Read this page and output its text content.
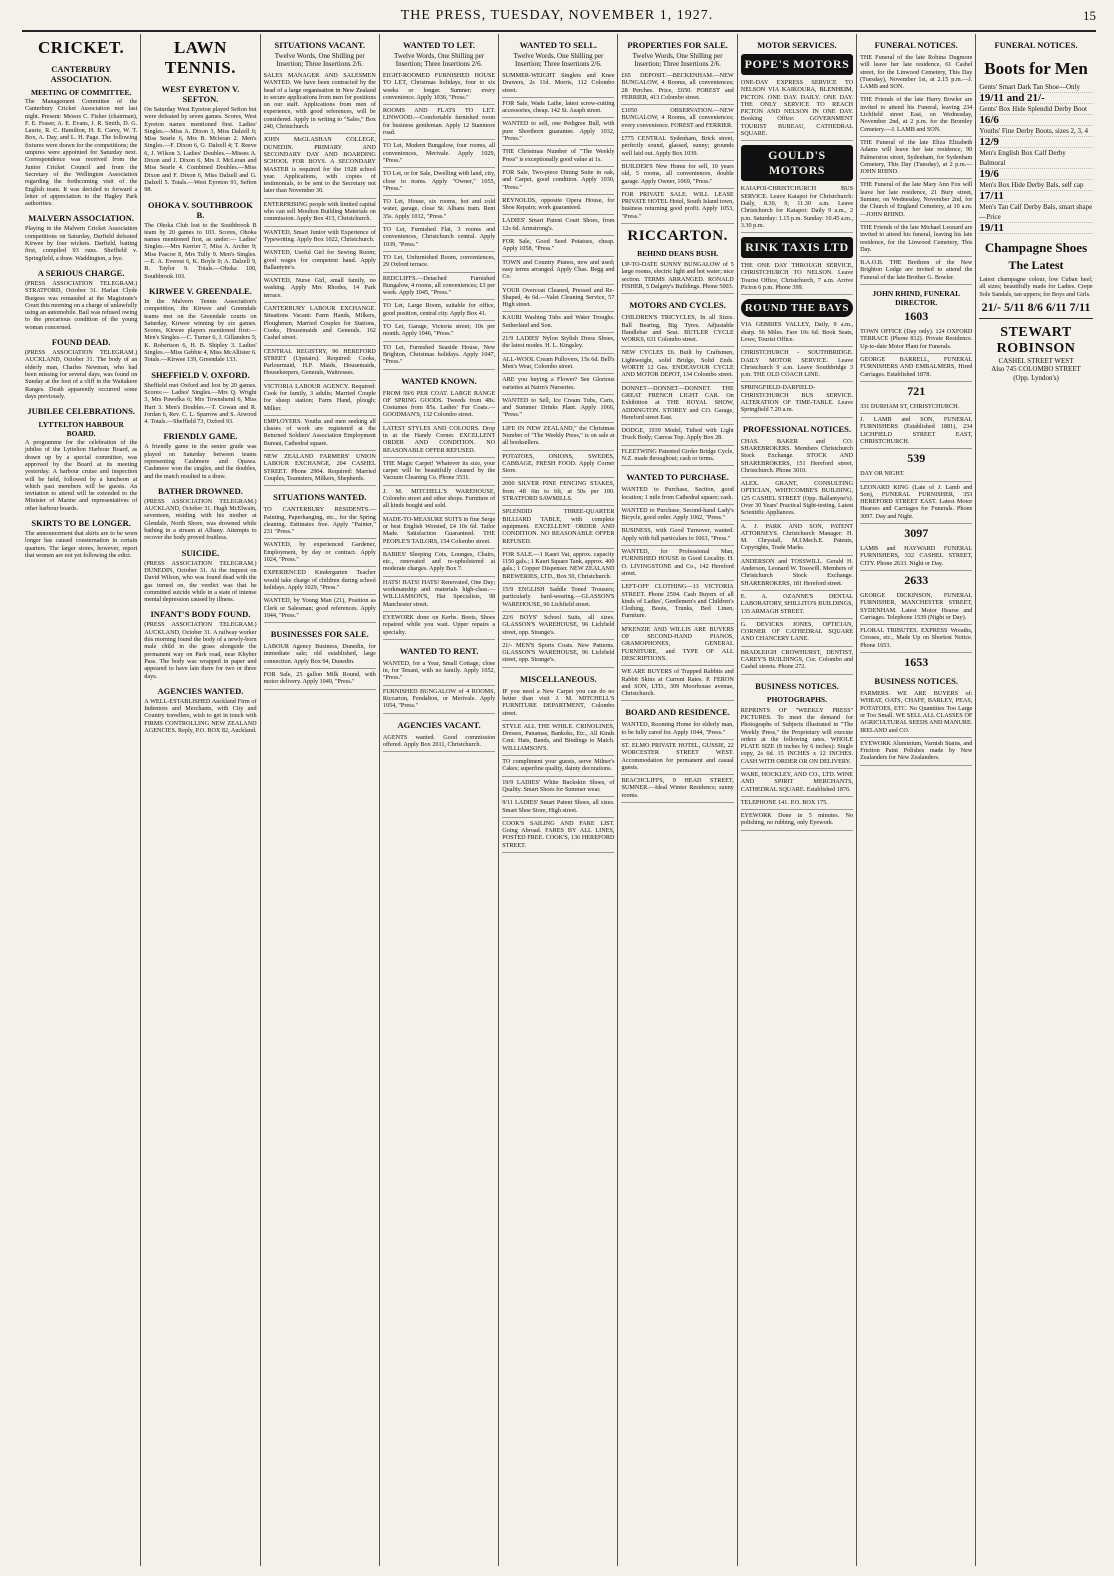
THE PRESS, TUESDAY, NOVEMBER 1, 1927.	15
CRICKET.
CANTERBURY ASSOCIATION.
MEETING OF COMMITTEE.

The Management Committee of the Canterbury Cricket Association met last night. Present: Messrs C. Fisher (chairman), F. E. Fraser, A. E. Evans, J. R. Smith, D. G. Laurie, R. C. Hamilton, H. E. Carey, W. T. Box, A. Day, and L. H. Page. The following fixtures were drawn for the competitions; the umpires were appointed for Saturday next. Correspondence was received from the Junior Cricket Council and from the Secretary of the Wellington Association regarding the forthcoming visit of the English team. It was decided to forward a letter of appreciation to the Hagley Park authorities.

MALVERN ASSOCIATION.

Playing in the Malvern Cricket Association competitions on Saturday, Darfield defeated Kirwee by four wickets. Darfield, batting first, compiled 93 runs. Sheffield v. Springfield, a draw. Waddington, a bye.

A SERIOUS CHARGE.

(PRESS ASSOCIATION TELEGRAM.) STRATFORD, October 31. Harlan Clyde Burgess was remanded at the Magistrate's Court this morning on a charge of unlawfully using an automobile. Bail was refused owing to the precarious condition of the young woman concerned.

FOUND DEAD.

(PRESS ASSOCIATION TELEGRAM.) AUCKLAND, October 31. The body of an elderly man, Charles Newman, who had been missing for several days, was found on Sunday at the foot of a cliff in the Waitakere Ranges. Death apparently occurred some days previously.

JUBILEE CELEBRATIONS.
LYTTELTON HARBOUR BOARD.

A programme for the celebration of the jubilee of the Lyttelton Harbour Board, as drawn up by a special committee, was approved by the Board at its meeting yesterday. A harbour cruise and inspection will be held, followed by a luncheon at which past members will be guests. An invitation to attend will be extended to the Minister of Marine and representatives of other harbour boards.

SKIRTS TO BE LONGER.

The announcement that skirts are to be worn longer has caused consternation in certain quarters. The larger stores, however, report that women are not yet following the edict.

LAWN TENNIS.
WEST EYRETON V. SEFTON.

On Saturday West Eyreton played Sefton but were defeated by seven games. Scores, West Eyreton names mentioned first. Ladies' Singles.—Miss A. Dixon 3, Miss Dalzell 6; Miss Searle 6, Mrs B. Mcleran 2. Men's Singles.—F. Dixon 6, G. Dalzell 4; T. Reeve 6, J. Wilson 3. Ladies' Doubles.—Misses A. Dixon and J. Dixon 6, Mrs J. McLeran and Miss Searle 4. Combined Doubles.—Miss Dixon and F. Dixon 6, Miss Dalzell and G. Dalzell 5. Totals.—West Eyreton 91, Sefton 98.

OHOKA V. SOUTHBROOK B.

The Ohoka Club lost to the Southbrook B team by 20 games to 103. Scores, Ohoka names mentioned first, as under:— Ladies' Singles.—Mrs Kerrier 7, Miss A. Archer 9; Miss Pascoe 8, Mrs Tully 9. Men's Singles.—E. A. Everest 6, K. Boyle 9; A. Dalzell 9, B. Taylor 9. Totals.—Ohoka 100, Southbrook 103.

KIRWEE V. GREENDALE.

In the Malvern Tennis Association's competition, the Kirwee and Greendale teams met on the Greendale courts on Saturday, Kirwee winning by six games. Scores, Kirwee players mentioned first:— Men's Singles.—C. Turner 6, J. Gillanders 5; K. Robertson 6, H. B. Shipley 3. Ladies' Singles.—Miss Gebbie 4, Miss McAllister 6. Totals.—Kirwee 139, Greendale 133.

SHEFFIELD V. OXFORD.

Sheffield met Oxford and lost by 20 games. Scores:— Ladies' Singles.—Mrs Q. Wright 3, Mrs Pawelka 6; Mrs Townshend 6, Miss Hart 3. Men's Doubles.—T. Cowan and R. Jordan 6, Rev. C. L. Sparrow and S. Atwood 4. Totals.—Sheffield 73, Oxford 93.

FRIENDLY GAME.

A friendly game in the senior grade was played on Saturday between teams representing Cashmere and Opawa. Cashmere won the singles, and the doubles, and the match resulted in a draw.

BATHER DROWNED.

(PRESS ASSOCIATION TELEGRAM.) AUCKLAND, October 31. Hugh McElwain, seventeen, residing with his mother at Glendale, North Shore, was drowned while bathing in a stream at Albany. Attempts to recover the body proved fruitless.

SUICIDE.

(PRESS ASSOCIATION TELEGRAM.) DUNEDIN, October 31. At the inquest on David Wilson, who was found dead with the gas turned on, the verdict was that he committed suicide while in a state of intense mental depression caused by illness.

INFANT'S BODY FOUND.

(PRESS ASSOCIATION TELEGRAM.) AUCKLAND, October 31. A railway worker this morning found the body of a newly-born male child in the grass alongside the permanent way on Park road, near Khyber Pass. The body was wrapped in paper and appeared to have lain there for two or three days.

AGENCIES WANTED.

A WELL-ESTABLISHED Auckland Firm of Indentors and Merchants, with City and Country travellers, wish to get in touch with FIRMS CONTROLLING NEW ZEALAND AGENCIES. Reply, P.O. BOX 82, Auckland.

SITUATIONS VACANT.
Twelve Words, One Shilling per Insertion; Three Insertions 2/6.

SALES MANAGER AND SALESMEN WANTED. We have been contracted by the head of a large organisation in New Zealand to secure applications from men for positions on our staff. Applications from men of experience, with good references, will be considered. Apply in writing to "Sales," Box 240, Christchurch.

JOHN McGLASHAN COLLEGE, DUNEDIN. PRIMARY AND SECONDARY DAY AND BOARDING SCHOOL FOR BOYS. A SECONDARY MASTER is required for the 1928 school year. Applications, with copies of testimonials, to be sent to the Secretary not later than November 30.

ENTERPRISING people with limited capital who can sell Moulton Building Materials on commission. Apply Box 413, Christchurch.

WANTED, Smart Junior with Experience of Typewriting. Apply Box 1022, Christchurch.

WANTED, Useful Girl for Sewing Room; good wages for competent hand. Apply Ballantyne's.

WANTED, Nurse Girl, small family, no washing. Apply Mrs Rhodes, 14 Park terrace.

CANTERBURY LABOUR EXCHANGE. Situations Vacant: Farm Hands, Milkers, Ploughmen, Married Couples for Stations, Cooks, Housemaids and Generals. 162 Cashel street.

CENTRAL REGISTRY, 96 HEREFORD STREET (Upstairs). Required: Cooks, Parlourmaid, H.P. Maids, Housemaids, Housekeepers, Generals, Waitresses.

VICTORIA LABOUR AGENCY. Required: Cook for family, 3 adults; Married Couple for sheep station; Farm Hand, plough; Milker.

EMPLOYERS. Youths and men seeking all classes of work are registered at the Returned Soldiers' Association Employment Bureau, Cathedral square.

NEW ZEALAND FARMERS' UNION LABOUR EXCHANGE, 204 CASHEL STREET. Phone 2904. Required: Married Couples, Teamsters, Milkers, Shepherds.

SITUATIONS WANTED.

TO CANTERBURY RESIDENTS.—Painting, Paperhanging, etc., for the Spring cleaning. Estimates free. Apply "Painter," 231 "Press."

WANTED, by experienced Gardener, Employment, by day or contract. Apply 1024, "Press."

EXPERIENCED Kindergarten Teacher would take charge of children during school holidays. Apply 1029, "Press."

WANTED, by Young Man (21), Position as Clerk or Salesman; good references. Apply 1044, "Press."

BUSINESSES FOR SALE.

LABOUR Agency Business, Dunedin, for immediate sale; old established, large connection. Apply Box 94, Dunedin.

FOR Sale, 25 gallon Milk Round, with motor delivery. Apply 1049, "Press."

WANTED TO LET.
Twelve Words, One Shilling per Insertion; Three Insertions 2/6.

EIGHT-ROOMED FURNISHED HOUSE TO LET, Christmas holidays, four to six weeks or longer. Sumner; every convenience. Apply 1036, "Press."

ROOMS AND FLATS TO LET. LINWOOD.—Comfortable furnished room for business gentleman. Apply 12 Stanmore road.

TO Let, Modern Bungalow, four rooms, all conveniences, Merivale. Apply 1029, "Press."

TO Let, or for Sale, Dwelling with land, city, close to trams. Apply "Owner," 1055, "Press."

TO Let, House, six rooms, hot and cold water, garage, close St. Albans tram. Rent 35s. Apply 1012, "Press."

TO Let, Furnished Flat, 3 rooms and conveniences, Christchurch central. Apply 1039, "Press."

TO Let, Unfurnished Room, conveniences, 29 Oxford terrace.

REDCLIFFS.—Detached Furnished Bungalow, 4 rooms, all conveniences; £3 per week. Apply 1045, "Press."

TO Let, Large Room, suitable for office, good position, central city. Apply Box 41.

TO Let, Garage, Victoria street; 10s per month. Apply 1046, "Press."

TO Let, Furnished Seaside House, New Brighton, Christmas holidays. Apply 1047, "Press."

WANTED KNOWN.

FROM 59/6 PER COAT. LARGE RANGE OF SPRING GOODS. Tweeds from 48s. Costumes from 85s. Ladies' Fur Coats.—GOODMAN'S, 132 Colombo street.

LATEST STYLES AND COLOURS. Drop in at the Handy Corner. EXCELLENT ORDER AND CONDITION. NO REASONABLE OFFER REFUSED.

THE Magic Carpet! Whatever its size, your carpet will be beautifully cleaned by the Vacuum Cleaning Co. Phone 3531.

J. M. MITCHELL'S WAREHOUSE, Colombo street and other shops. Furniture of all kinds bought and sold.

MADE-TO-MEASURE SUITS in fine Serge or best English Worsted, £4 10s 6d. Tailor Made. Satisfaction Guaranteed. THE PEOPLE'S TAILORS, 154 Colombo street.

BABIES' Sleeping Cots, Lounges, Chairs, etc., renovated and re-upholstered at moderate charges. Apply Box 7.

HATS! HATS! HATS! Renovated, One Day; workmanship and materials high-class.—WILLIAMSON'S, Hat Specialists, 98 Manchester street.

EYEWORK done on Kerbs. Boots, Shoes repaired while you wait. Upper repairs a specialty.

WANTED TO RENT.

WANTED, for a Year, Small Cottage, close in, for Tenant, with no family. Apply 1052, "Press."

FURNISHED BUNGALOW of 4 ROOMS, Riccarton, Fendalton, or Merivale. Apply 1054, "Press."

AGENCIES VACANT.

AGENTS wanted. Good commission offered. Apply Box 2011, Christchurch.

WANTED TO SELL.
Twelve Words, One Shilling per Insertion; Three Insertions 2/6.

SUMMER-WEIGHT Singlets and Knee Drawers, 2s 11d. Morris, 112 Colombo street.

FOR Sale, Wade Lathe, latest screw-cutting accessories, cheap. 142 St. Asaph street.

WANTED to sell, one Pedigree Bull, with pure Shorthorn guarantee. Apply 1032, "Press."

THE Christmas Number of "The Weekly Press" is exceptionally good value at 1s.

FOR Sale, Two-piece Dining Suite in oak, and Carpet, good condition. Apply 1030, "Press."

REYNOLDS, opposite Opera House, for Shoe Repairs; work guaranteed.

LADIES' Smart Patent Court Shoes, from 12s 6d. Armstrong's.

FOR Sale, Good Seed Potatoes, cheap. Apply 1058, "Press."

TOWN and Country Pianos, new and used; easy terms arranged. Apply Chas. Begg and Co.

YOUR Overcoat Cleaned, Pressed and Re-Shaped, 4s 6d.—Valet Cleaning Service, 57 High street.

KAURI Washing Tubs and Water Troughs. Sutherland and Son.

21/9 LADIES' Nylon Stylish Dress Shoes, the latest modes. H. L. Kingsley.

ALL-WOOL Cream Pullovers, 15s 6d. Bell's Men's Wear, Colombo street.

ARE you buying a Flower? See Glorious varieties at Nairn's Nurseries.

WANTED to Sell, Ice Cream Tubs, Carts, and Summer Drinks Plant. Apply 1066, "Press."

LIFE IN NEW ZEALAND," the Christmas Number of "The Weekly Press," is on sale at all booksellers.

POTATOES, ONIONS, SWEDES, CABBAGE, FRESH FOOD. Apply Corner Store.

2000 SILVER PINE FENCING STAKES, from 4ft 6in to 6ft, at 50s per 100. STRATFORD SAWMILLS.

SPLENDID THREE-QUARTER BILLIARD TABLE, with complete equipment. EXCELLENT ORDER AND CONDITION. NO REASONABLE OFFER REFUSED.

FOR SALE.—1 Kauri Vat, approx. capacity 1150 gals.; 1 Kauri Square Tank, approx. 400 gals.; 1 Copper Dispenser. NEW ZEALAND BREWERIES, LTD., Box 50, Christchurch.

15/9 ENGLISH Saddle Toned Trousers; particularly hard-wearing.—GLASSON'S WAREHOUSE, 96 Lichfield street.

22/6 BOYS' School Suits, all sizes. GLASSON'S WAREHOUSE, 96 Lichfield street, opp. Strange's.

21/- MEN'S Sports Coats. New Patterns. GLASSON'S WAREHOUSE, 96 Lichfield street, opp. Strange's.

MISCELLANEOUS.

IF you need a New Carpet you can do no better than visit J. M. MITCHELL'S FURNITURE DEPARTMENT, Colombo street.

STYLE ALL THE WHILE. CRINOLINES, Dresses, Panamas, Bankoks, Etc., All Kinds Cent. Hats, Bands, and Bindings to Match. WILLIAMSON'S.

TO compliment your guests, serve Milner's Cakes; superfine quality, dainty decorations.

19/9 LADIES' White Buckskin Shoes, of Quality. Smart Shoes for Summer wear.

9/11 LADIES' Smart Patent Shoes, all sizes. Smart Shoe Store, High street.

COOK'S SAILING AND FARE LIST. Going Abroad. FARES BY ALL LINES, POSTED FREE. COOK'S, 136 HEREFORD STREET.

PROPERTIES FOR SALE.
Twelve Words, One Shilling per Insertion; Three Insertions 2/6.

£65 DEPOSIT.—BECKENHAM.—NEW BUNGALOW, 4 Rooms, all conveniences; 28 Perches. Price, £650. FOREST and FERRIER, 413 Colombo street.

£1050 OBSERVATION.—NEW BUNGALOW, 4 Rooms, all conveniences; every convenience. FOREST and FERRIER.

£775 CENTRAL Sydenham, Brick street, perfectly sound, glassed, sunny; grounds well laid out. Apply Box 1039.

BUILDER'S New Home for sell, 10 years old, 5 rooms, all conveniences, double garage. Apply Owner, 1069, "Press."

FOR PRIVATE SALE. WILL LEASE PRIVATE HOTEL Hotel, South Island town, business returning good profit. Apply 1053, "Press."

RICCARTON.
BEHIND DEANS BUSH.

UP-TO-DATE SUNNY BUNGALOW of 5 large rooms, electric light and hot water; nice section. TERMS ARRANGED. RONALD FISHER, 5 Dalgety's Buildings. Phone 5003.

MOTORS AND CYCLES.

CHILDREN'S TRICYCLES, In all Sizes. Ball Bearing, Big Tyres. Adjustable Handlebar and Seat. BUTLER CYCLE WORKS, 631 Colombo street.

NEW CYCLES £6. Built by Craftsmen, Lightweight, solid Bridge, Solid Ends. WORTH 12 Gns. ENDEAVOUR CYCLE AND MOTOR DEPOT, 134 Colombo street.

DONNET—DONNET—DONNET. THE GREAT FRENCH LIGHT CAR. On Exhibition at THE ROYAL SHOW, ADDINGTON. STOREY and CO. Garage, Hereford street East.

DODGE, 1939 Model, Tidied with Light Truck Body; Canvas Top. Apply Box 28.

FLEETWING Patented Girder Bridge Cycle, N.Z. made throughout; cash or terms.

WANTED TO PURCHASE.

WANTED to Purchase, Section, good location; 1 mile from Cathedral square; cash.

WANTED to Purchase, Second-hand Lady's Bicycle, good order. Apply 1062, "Press."

BUSINESS, with Good Turnover, wanted. Apply with full particulars to 1063, "Press."

WANTED, for Professional Man, FURNISHED HOUSE in Good Locality. H. O. LIVINGSTONE and Co., 142 Hereford street.

LEFT-OFF CLOTHING—13 VICTORIA STREET. Phone 2594. Cash Buyers of all kinds of Ladies', Gentlemen's and Children's Clothing, Boots, Trunks, Bed Linen, Furniture.

M'KENZIE AND WILLIS ARE BUYERS OF SECOND-HAND PIANOS, GRAMOPHONES, GENERAL FURNITURE, and TYPE OF ALL DESCRIPTIONS.

WE ARE BUYERS of Trapped Rabbits and Rabbit Skins at Current Rates. P. FERON and SON, LTD., 309 Moorhouse avenue, Christchurch.

BOARD AND RESIDENCE.

WANTED, Rooming Home for elderly man, to be fully cared for. Apply 1044, "Press."

ST. ELMO PRIVATE HOTEL, GUSSIE, 22 WORCESTER STREET WEST. Accommodation for permanent and casual guests.

BEACHCLIFFS, 9 HEAD STREET, SUMNER.—Ideal Winter Residence; sunny rooms.

MOTOR SERVICES.
POPE'S MOTORS

ONE-DAY EXPRESS SERVICE TO NELSON VIA KAIKOURA, BLENHEIM, PICTON. ONE DAY. DAILY. ONE DAY. THE ONLY SERVICE TO REACH PICTON AND NELSON IN ONE DAY. Booking Office: GOVERNMENT TOURIST BUREAU, CATHEDRAL SQUARE.

GOULD'S MOTORS

KAIAPOI-CHRISTCHURCH BUS SERVICE. Leave Kaiapoi for Christchurch: Daily, 8.30, 9, 11.30 a.m. Leave Christchurch for Kaiapoi: Daily 9 a.m., 2 p.m. Saturday: 1.15 p.m. Sunday: 10.45 a.m., 3.30 p.m.

RINK TAXIS LTD

THE ONE DAY THROUGH SERVICE, CHRISTCHURCH TO NELSON. Leave Tourist Office, Christchurch, 7 a.m. Arrive Picton 6 p.m. Phone 399.

ROUND THE BAYS

VIA GEBBIES VALLEY, Daily, 9 a.m., sharp. 56 Miles. Fare 10s 6d. Book Seats, Lowe, Tourist Office.

CHRISTCHURCH - SOUTHBRIDGE. DAILY MOTOR SERVICE. Leave Christchurch 9 a.m. Leave Southbridge 3 p.m. THE OLD COACH LINE.

SPRINGFIELD-DARFIELD-CHRISTCHURCH BUS SERVICE. ALTERATION OF TIME-TABLE. Leave Springfield 7.20 a.m.

PROFESSIONAL NOTICES.

CHAS. BAKER and CO. SHAREBROKERS. Members Christchurch Stock Exchange. STOCK AND SHAREBROKERS, 151 Hereford street, Christchurch. Phone 3010.

ALEX. GRANT, CONSULTING OPTICIAN, WHITCOMBE'S BUILDING, 125 CASHEL STREET (Opp. Ballantyne's). Over 30 Years' Practical Sight-testing. Latest Scientific Appliances.

A. J. PARK AND SON, PATENT ATTORNEYS. Christchurch Manager: H. M. Chrystall, M.I.Mech.E. Patents, Copyrights, Trade Marks.

ANDERSON and TOSSWILL. Gerald H. Anderson, Leonard W. Tosswill. Members of Christchurch Stock Exchange. SHAREBROKERS, 181 Hereford street.

E. A. OZANNE'S DENTAL LABORATORY, SHILLITO'S BUILDINGS, 135 ARMAGH STREET.

G. DEVICKS JONES, OPTICIAN, CORNER OF CATHEDRAL SQUARE AND CHANCERY LANE.

BRADLEIGH CROWHURST, DENTIST, CAREY'S BUILDINGS, Cor. Colombo and Cashel streets. Phone 272.

BUSINESS NOTICES.
PHOTOGRAPHS.

REPRINTS OF "WEEKLY PRESS" PICTURES. To meet the demand for Photographs of Subjects illustrated in "The Weekly Press," the Proprietary will execute orders at the following rates. WHOLE PLATE SIZE (8 inches by 6 inches): Single copy, 2s 6d. 15 INCHES x 12 INCHES. CASH WITH ORDER OR ON DELIVERY.

WARE, HOCKLEY, AND CO., LTD. WINE AND SPIRIT MERCHANTS, CATHEDRAL SQUARE. Established 1876.

TELEPHONE 141. P.O. BOX 175.

EYEWORK Done in 5 minutes. No polishing, no rubbing, only Eyework.

FUNERAL NOTICES.

THE Funeral of the late Robina Dugmore will leave her late residence, 61 Cashel street, for the Linwood Cemetery, This Day (Tuesday), November 1st, at 2.15 p.m.—J. LAMB and SON.

THE Friends of the late Harry Bowler are invited to attend his Funeral, leaving 234 Lichfield street East, on Wednesday, November 2nd, at 2 p.m. for the Bromley Cemetery.—J. LAMB and SON.

THE Funeral of the late Eliza Elizabeth Adams will leave her late residence, 90 Palmerston street, Sydenham, for Sydenham Cemetery, This Day (Tuesday), at 2 p.m.—JOHN RHIND.

THE Funeral of the late Mary Ann Fox will leave her late residence, 21 Bury street, Sumner, on Wednesday, November 2nd, for the Church of England Cemetery, at 10 a.m.—JOHN RHIND.

THE Friends of the late Michael Leonard are invited to attend his funeral, leaving his late residence, for the Linwood Cemetery, This Day.

B.A.O.B. THE Brethren of the New Brighton Lodge are invited to attend the Funeral of the late Brother G. Bowler.

JOHN RHIND, FUNERAL DIRECTOR.
1603

TOWN OFFICE (Day only). 124 OXFORD TERRACE (Phone 812). Private Residence. Up-to-date Motor Plant for Funerals.

GEORGE BARRELL, FUNERAL FURNISHERS AND EMBALMERS, Hired Carriages. Established 1878.

721

331 DURHAM ST, CHRISTCHURCH.

J. LAMB and SON, FUNERAL FURNISHERS (Established 1881), 234 LICHFIELD STREET EAST, CHRISTCHURCH.

539

DAY OR NIGHT.

LEONARD KING (Late of J. Lamb and Son), FUNERAL FURNISHER, 353 HEREFORD STREET EAST. Latest Motor Hearses and Carriages for Funerals. Phone 3097. Day and Night.

3097

LAMB and HAYWARD FUNERAL FURNISHERS, 332 CASHEL STREET, CITY. Phone 2633. Night or Day.

2633

GEORGE DICKINSON, FUNERAL FURNISHER, MANCHESTER STREET, SYDENHAM. Latest Motor Hearse and Carriages. Telephone 1539 (Night or Day).

FLORAL TRIBUTES. EXPRESS Wreaths, Crosses, etc., Made Up on Shortest Notice. Phone 1653.

1653
BUSINESS NOTICES.

FARMERS. WE ARE BUYERS of: WHEAT, OATS, CHAFF, BARLEY, PEAS, POTATOES, ETC. No Quantities Too Large or Too Small. WE SELL ALL CLASSES OF AGRICULTURAL SEEDS AND MANURE. IRELAND and CO.

EYEWORK Aluminium, Varnish Stains, and Friction Paint Polishes made by New Zealanders for New Zealanders.

FUNERAL NOTICES.
Boots for Men
Gents' Smart Dark Tan Shoe—Only
19/11 and 21/-
Gents' Box Hide Splendid Derby Boot
16/6
Youths' Fine Derby Boots, sizes 2, 3, 4
12/9
Men's English Box Calf Derby Balmoral
19/6
Men's Box Hide Derby Bals, self cap
17/11
Men's Tan Calf Derby Bals, smart shape—Price
19/11
Champagne Shoes
The Latest

Latest champagne colour, low Cuban heel; all sizes; beautifully made for Ladies. Crepe Sole Sandals, tan uppers; for Boys and Girls.

21/- 5/11 8/6 6/11 7/11
STEWART ROBINSON

CASHEL STREET WEST

Also 745 COLOMBO STREET

(Opp. Lyndon's)
